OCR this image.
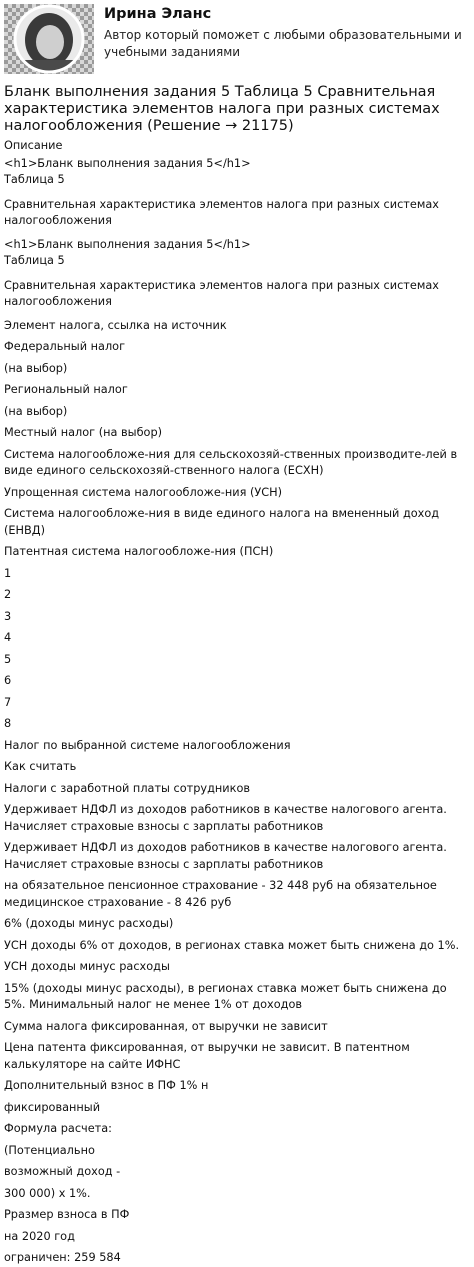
Ирина Эланс
Автор который поможет с любыми образовательными и учебными заданиями
Бланк выполнения задания 5 Таблица 5 Сравнительная характеристика элементов налога при разных системах налогообложения (Решение → 21175)

Описание

<h1>Бланк выполнения задания 5</h1>

Таблица 5

Сравнительная характеристика элементов налога при разных системах налогообложения

<h1>Бланк выполнения задания 5</h1>

Таблица 5

Сравнительная характеристика элементов налога при разных системах налогообложения

Элемент налога, ссылка на источник

Федеральный налог

(на выбор)

Региональный налог

(на выбор)

Местный налог (на выбор)

Система налогообложе-ния для сельскохозяй-ственных производите-лей в виде единого сельскохозяй-ственного налога (ЕСХН)

Упрощенная система налогообложе-ния (УСН)

Система налогообложе-ния в виде единого налога на вмененный доход (ЕНВД)

Патентная система налогообложе-ния (ПСН)

1

2

3

4

5

6

7

8

Налог по выбранной системе налогообложения

Как считать

Налоги с заработной платы сотрудников

Удерживает НДФЛ из доходов работников в качестве налогового агента. Начисляет страховые взносы с зарплаты работников

Удерживает НДФЛ из доходов работников в качестве налогового агента. Начисляет страховые взносы с зарплаты работников

на обязательное пенсионное страхование - 32 448 руб на обязательное медицинское страхование - 8 426 руб

6% (доходы минус расходы)

УСН доходы 6% от доходов, в регионах ставка может быть снижена до 1%.

УСН доходы минус расходы

15% (доходы минус расходы), в регионах ставка может быть снижена до 5%. Минимальный налог не менее 1% от доходов

Сумма налога фиксированная, от выручки не зависит

Цена патента фиксированная, от выручки не зависит. В патентном калькуляторе на сайте ИФНС

Дополнительный взнос в ПФ 1% н

фиксированный

Формула расчета:

(Потенциально

возможный доход -

300 000) х 1%.

Рразмер взноса в ПФ

на 2020 год

ограничен: 259 584
